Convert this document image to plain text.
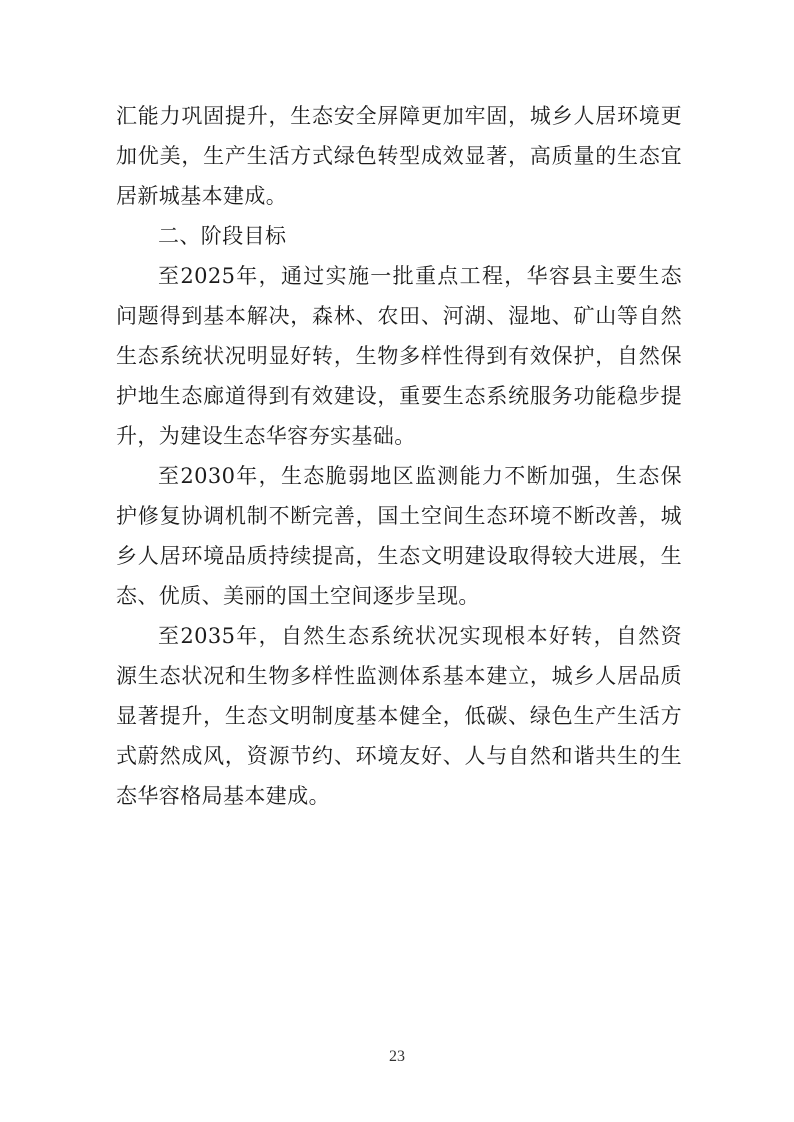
汇能力巩固提升，生态安全屏障更加牢固，城乡人居环境更加优美，生产生活方式绿色转型成效显著，高质量的生态宜居新城基本建成。

二、阶段目标

至2025年，通过实施一批重点工程，华容县主要生态问题得到基本解决，森林、农田、河湖、湿地、矿山等自然生态系统状况明显好转，生物多样性得到有效保护，自然保护地生态廊道得到有效建设，重要生态系统服务功能稳步提升，为建设生态华容夯实基础。

至2030年，生态脆弱地区监测能力不断加强，生态保护修复协调机制不断完善，国土空间生态环境不断改善，城乡人居环境品质持续提高，生态文明建设取得较大进展，生态、优质、美丽的国土空间逐步呈现。

至2035年，自然生态系统状况实现根本好转，自然资源生态状况和生物多样性监测体系基本建立，城乡人居品质显著提升，生态文明制度基本健全，低碳、绿色生产生活方式蔚然成风，资源节约、环境友好、人与自然和谐共生的生态华容格局基本建成。

23
